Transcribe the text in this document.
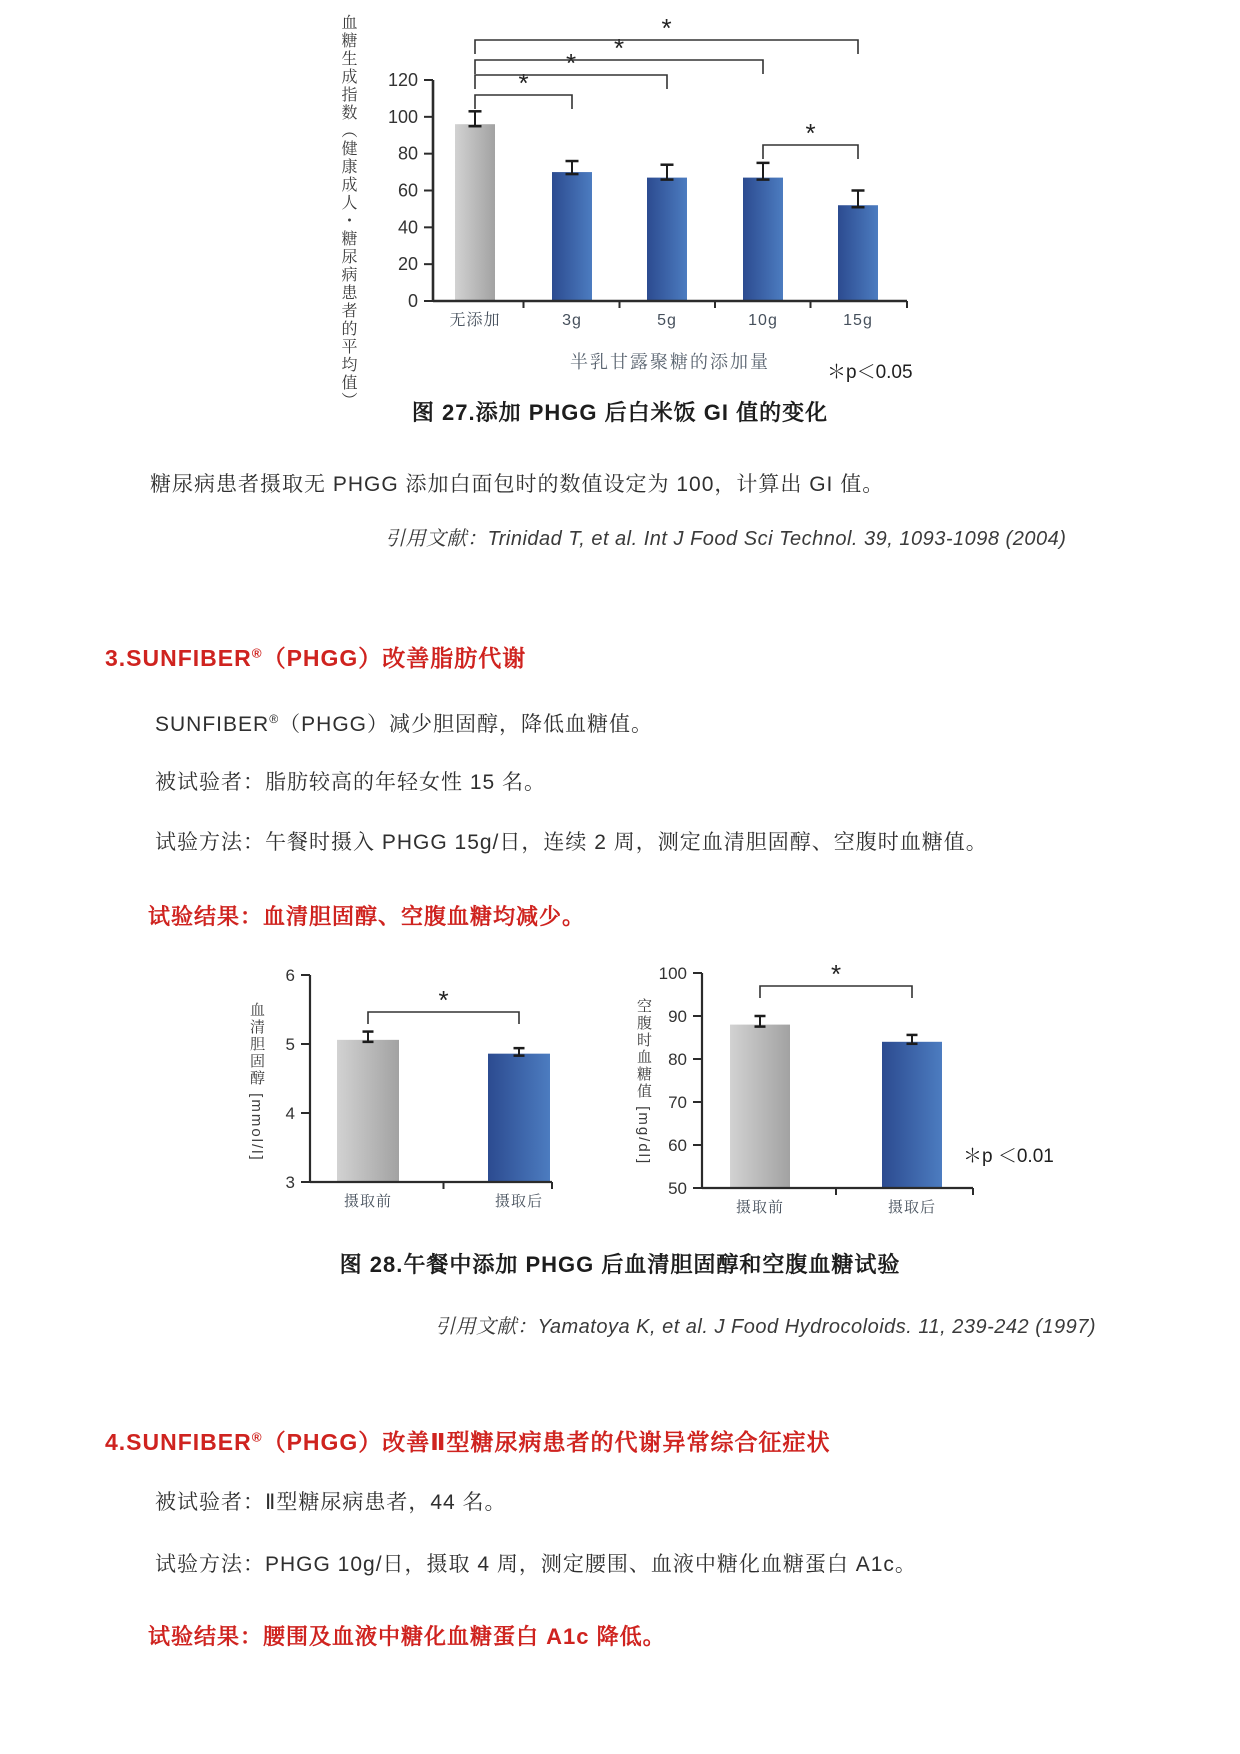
血糖生成指数（健康成人・糖尿病患者的平均值）	无添加	3g	5g	10g	15g
0
20
40
60
80
100
120	*
* *
*
*
半乳甘露聚糖的添加量	＊p＜0.05
图 27.添加 PHGG 后白米饭 GI 值的变化
糖尿病患者摄取无 PHGG 添加白面包时的数值设定为 100，计算出 GI 值。
引用文献：Trinidad T, et al. Int J Food Sci Technol. 39, 1093-1098 (2004)
3.SUNFIBER®（PHGG）改善脂肪代谢
SUNFIBER®（PHGG）减少胆固醇，降低血糖值。
被试验者：脂肪较高的年轻女性 15 名。
试验方法：午餐时摄入 PHGG 15g/日，连续 2 周，测定血清胆固醇、空腹时血糖值。
试验结果：血清胆固醇、空腹血糖均减少。
血清胆固醇 [mmol/l]
摄取前	摄取后
3
4
5
6
*	空腹时血糖值 [mg/dl]
摄取前	摄取后
50
60
70
80
90
100	*
＊p ＜0.01
图 28.午餐中添加 PHGG 后血清胆固醇和空腹血糖试验
引用文献：Yamatoya K, et al. J Food Hydrocoloids. 11, 239-242 (1997)
4.SUNFIBER®（PHGG）改善Ⅱ型糖尿病患者的代谢异常综合征症状
被试验者：Ⅱ型糖尿病患者，44 名。
试验方法：PHGG 10g/日，摄取 4 周，测定腰围、血液中糖化血糖蛋白 A1c。
试验结果：腰围及血液中糖化血糖蛋白 A1c 降低。
